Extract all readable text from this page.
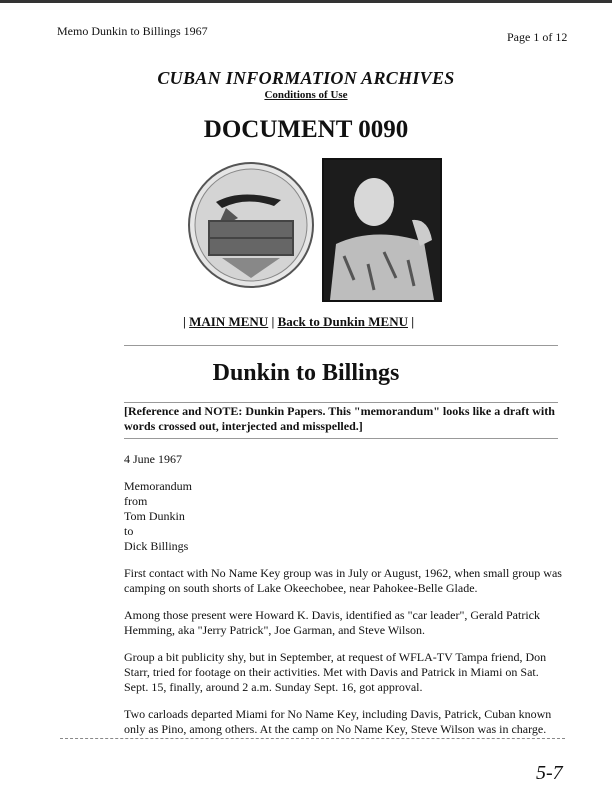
Memo Dunkin to Billings 1967	Page 1 of 12
CUBAN INFORMATION ARCHIVES
Conditions of Use
DOCUMENT 0090
| MAIN MENU | Back to Dunkin MENU |
Dunkin to Billings
[Reference and NOTE: Dunkin Papers. This "memorandum" looks like a draft with words crossed out, interjected and misspelled.]

4 June 1967

Memorandum
from
Tom Dunkin
to
Dick Billings

First contact with No Name Key group was in July or August, 1962, when small group was camping on south shorts of Lake Okeechobee, near Pahokee-Belle Glade.

Among those present were Howard K. Davis, identified as "car leader", Gerald Patrick Hemming, aka "Jerry Patrick", Joe Garman, and Steve Wilson.

Group a bit publicity shy, but in September, at request of WFLA-TV Tampa friend, Don Starr, tried for footage on their activities. Met with Davis and Patrick in Miami on Sat. Sept. 15, finally, around 2 a.m. Sunday Sept. 16, got approval.

Two carloads departed Miami for No Name Key, including Davis, Patrick, Cuban known only as Pino, among others. At the camp on No Name Key, Steve Wilson was in charge.

5-7
